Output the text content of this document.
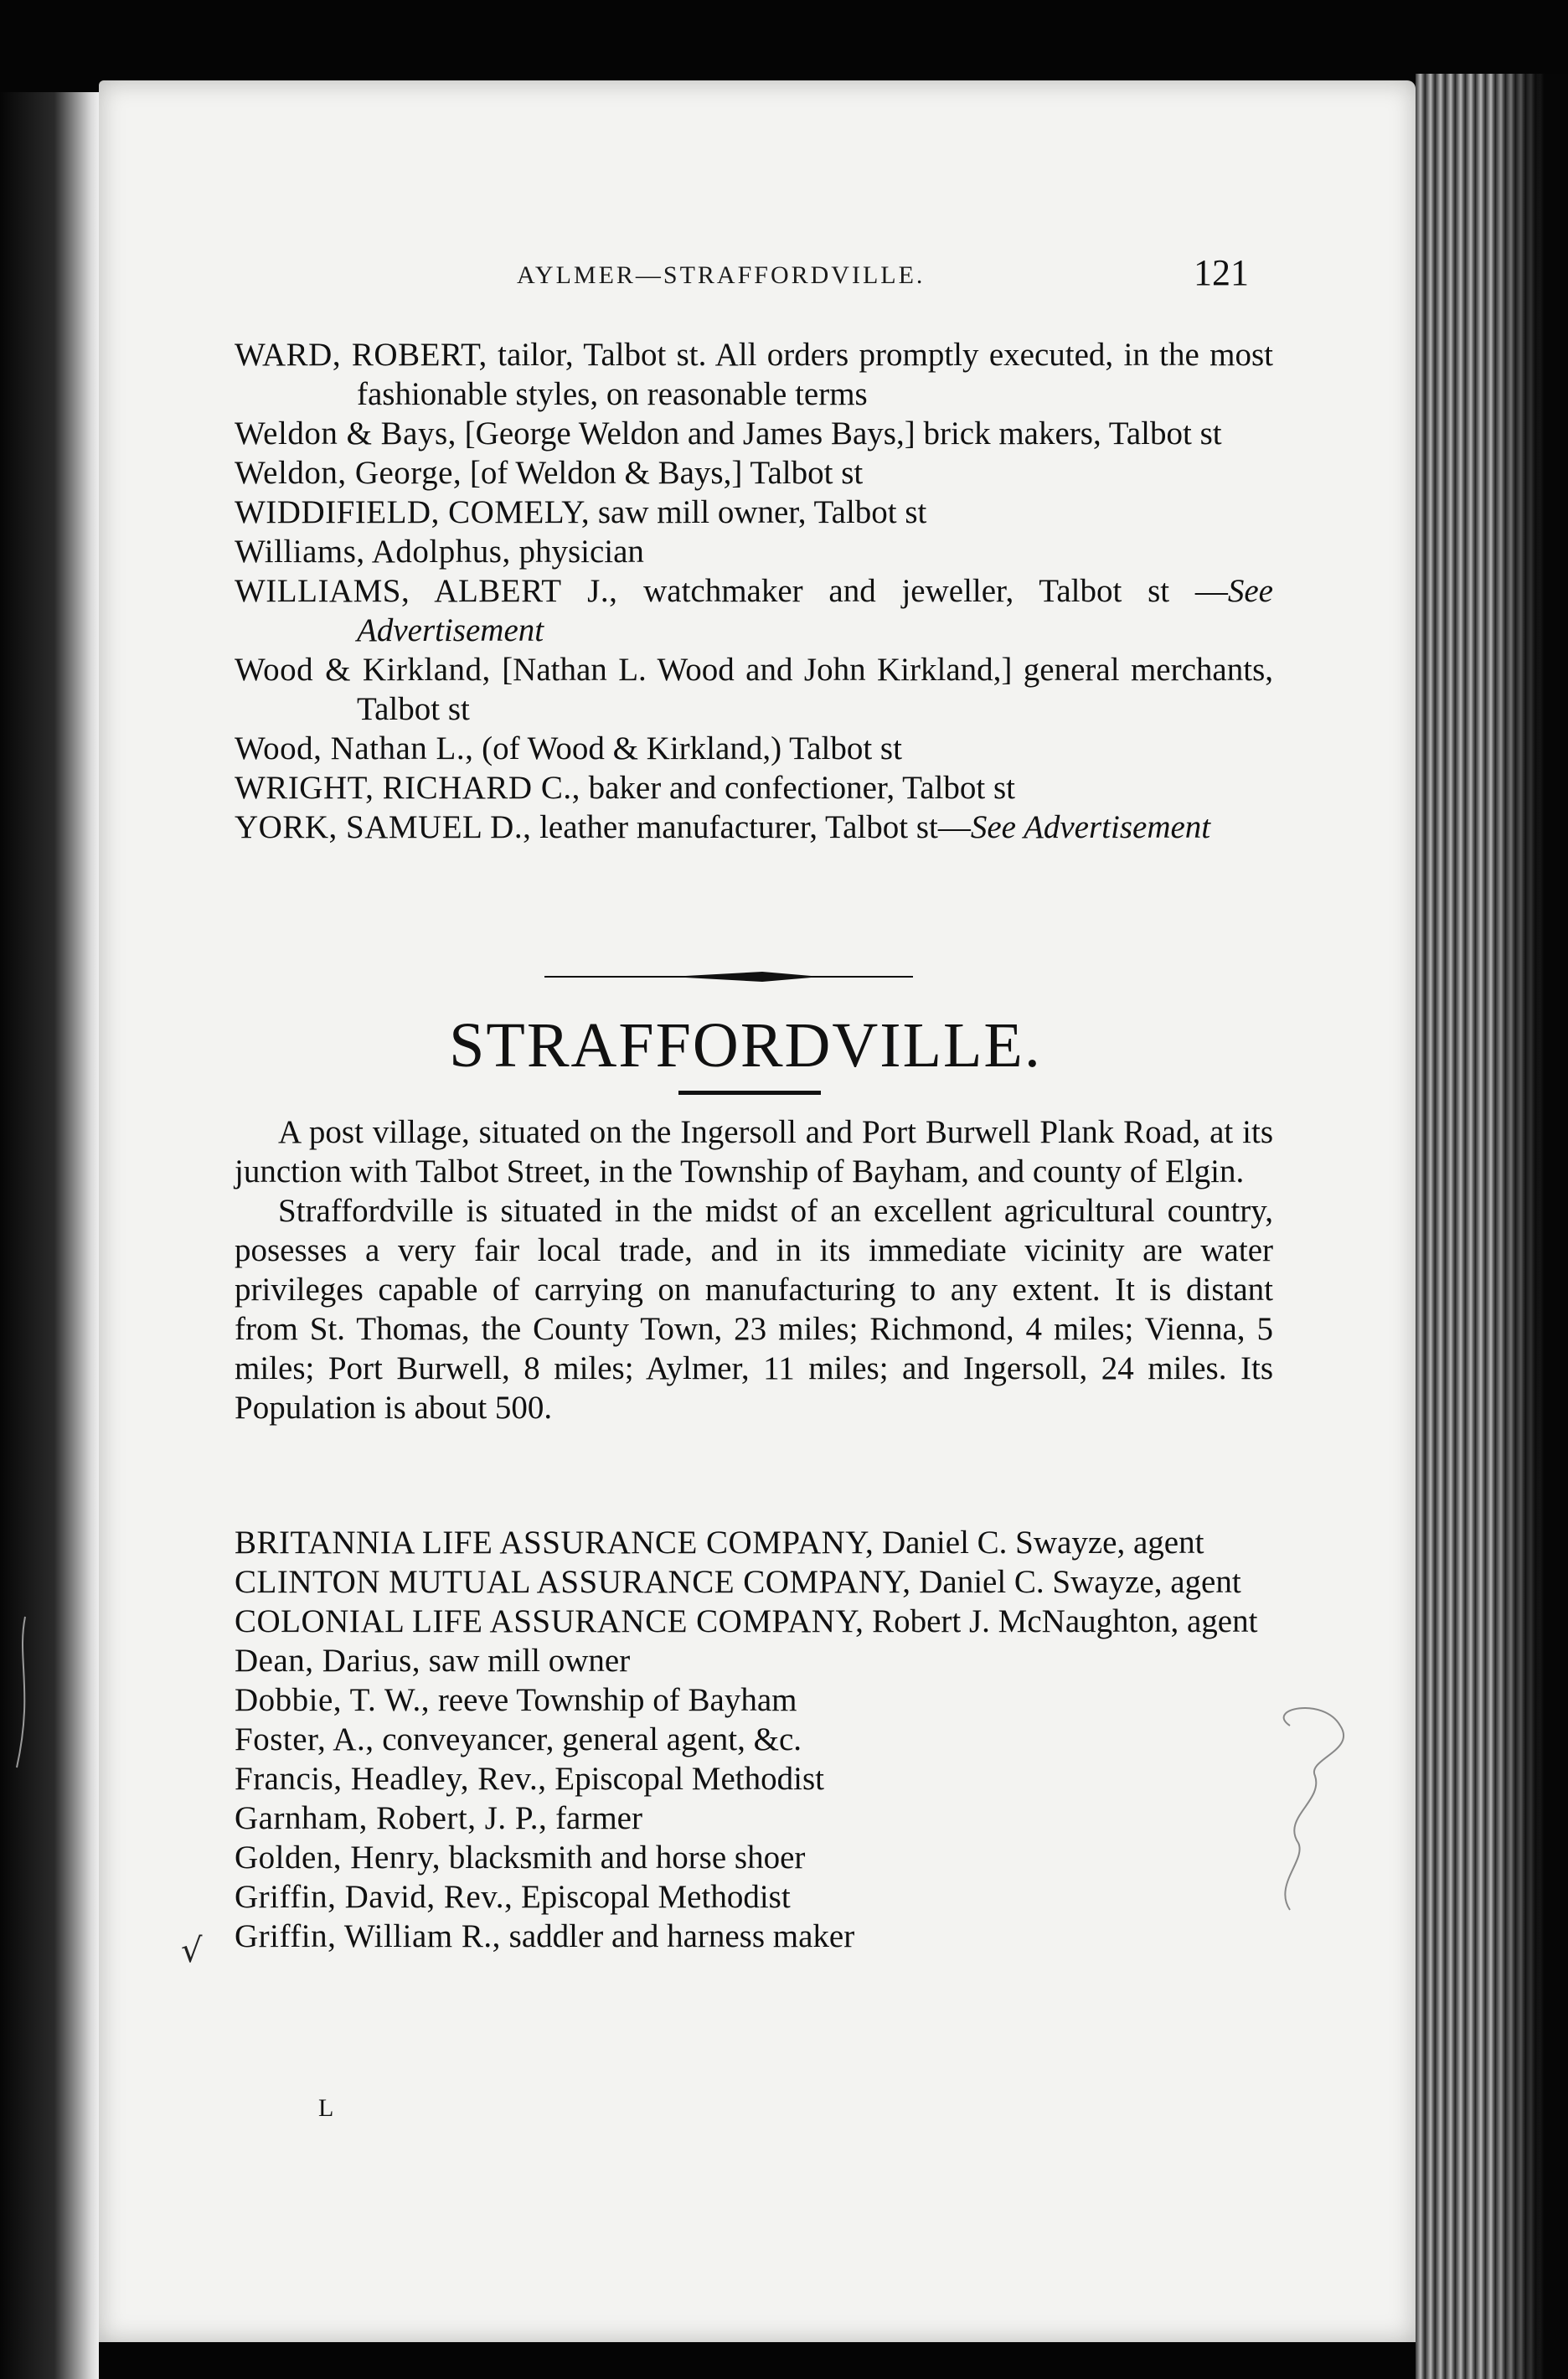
AYLMER—STRAFFORDVILLE.	121

WARD, ROBERT, tailor, Talbot st. All orders promptly executed, in the most fashionable styles, on reasonable terms

Weldon & Bays, [George Weldon and James Bays,] brick makers, Talbot st

Weldon, George, [of Weldon & Bays,] Talbot st

WIDDIFIELD, COMELY, saw mill owner, Talbot st

Williams, Adolphus, physician

WILLIAMS, ALBERT J., watchmaker and jeweller, Talbot st —See Advertisement

Wood & Kirkland, [Nathan L. Wood and John Kirkland,] general merchants, Talbot st

Wood, Nathan L., (of Wood & Kirkland,) Talbot st

WRIGHT, RICHARD C., baker and confectioner, Talbot st

YORK, SAMUEL D., leather manufacturer, Talbot st—See Advertisement

STRAFFORDVILLE.

A post village, situated on the Ingersoll and Port Burwell Plank Road, at its junction with Talbot Street, in the Township of Bayham, and county of Elgin.

Straffordville is situated in the midst of an excellent agricultural country, posesses a very fair local trade, and in its immediate vicinity are water privileges capable of carrying on manufacturing to any extent. It is distant from St. Thomas, the County Town, 23 miles; Richmond, 4 miles; Vienna, 5 miles; Port Burwell, 8 miles; Aylmer, 11 miles; and Ingersoll, 24 miles. Its Population is about 500.

BRITANNIA LIFE ASSURANCE COMPANY, Daniel C. Swayze, agent

CLINTON MUTUAL ASSURANCE COMPANY, Daniel C. Swayze, agent

COLONIAL LIFE ASSURANCE COMPANY, Robert J. McNaughton, agent

Dean, Darius, saw mill owner

Dobbie, T. W., reeve Township of Bayham

Foster, A., conveyancer, general agent, &c.

Francis, Headley, Rev., Episcopal Methodist

Garnham, Robert, J. P., farmer

Golden, Henry, blacksmith and horse shoer

Griffin, David, Rev., Episcopal Methodist

Griffin, William R., saddler and harness maker

√
L
